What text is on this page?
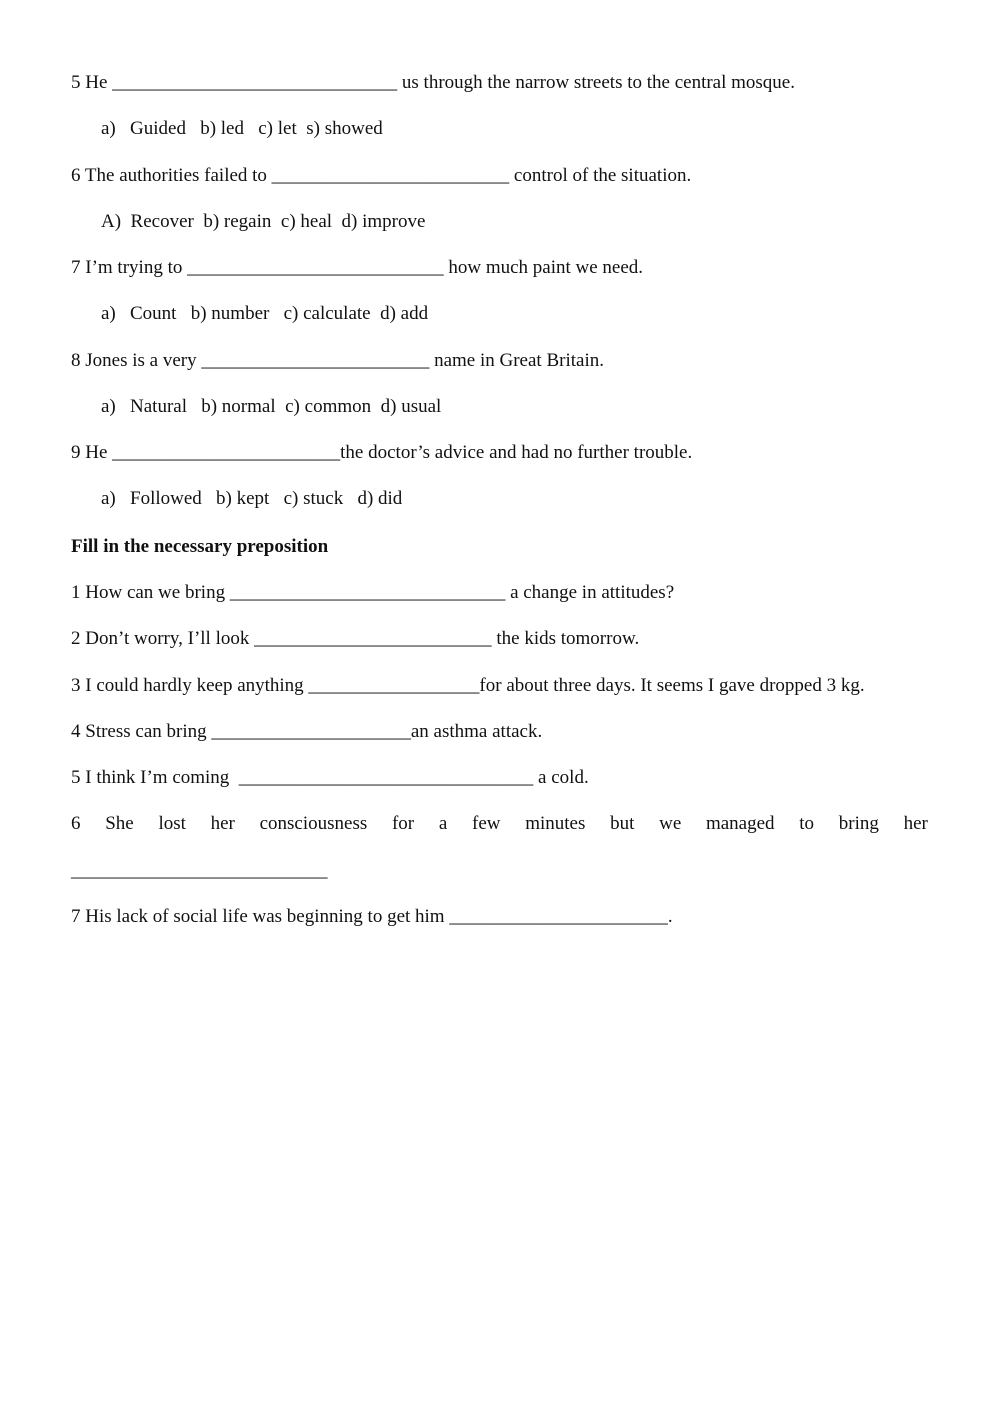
5 He ______________________________ us through the narrow streets to the central mosque.
a)   Guided   b) led   c) let  s) showed
6 The authorities failed to _________________________ control of the situation.
A)  Recover  b) regain  c) heal  d) improve
7 I’m trying to ___________________________ how much paint we need.
a)   Count   b) number   c) calculate  d) add
8 Jones is a very ________________________ name in Great Britain.
a)   Natural   b) normal  c) common  d) usual
9 He ________________________the doctor’s advice and had no further trouble.
a)   Followed   b) kept   c) stuck   d) did
Fill in the necessary preposition
1 How can we bring _____________________________ a change in attitudes?
2 Don’t worry, I’ll look _________________________ the kids tomorrow.
3 I could hardly keep anything __________________for about three days. It seems I gave dropped 3 kg.
4 Stress can bring _____________________an asthma attack.
5 I think I’m coming  _______________________________ a cold.
6 She lost her consciousness for a few minutes but we managed to bring her
___________________________
7 His lack of social life was beginning to get him _______________________.
